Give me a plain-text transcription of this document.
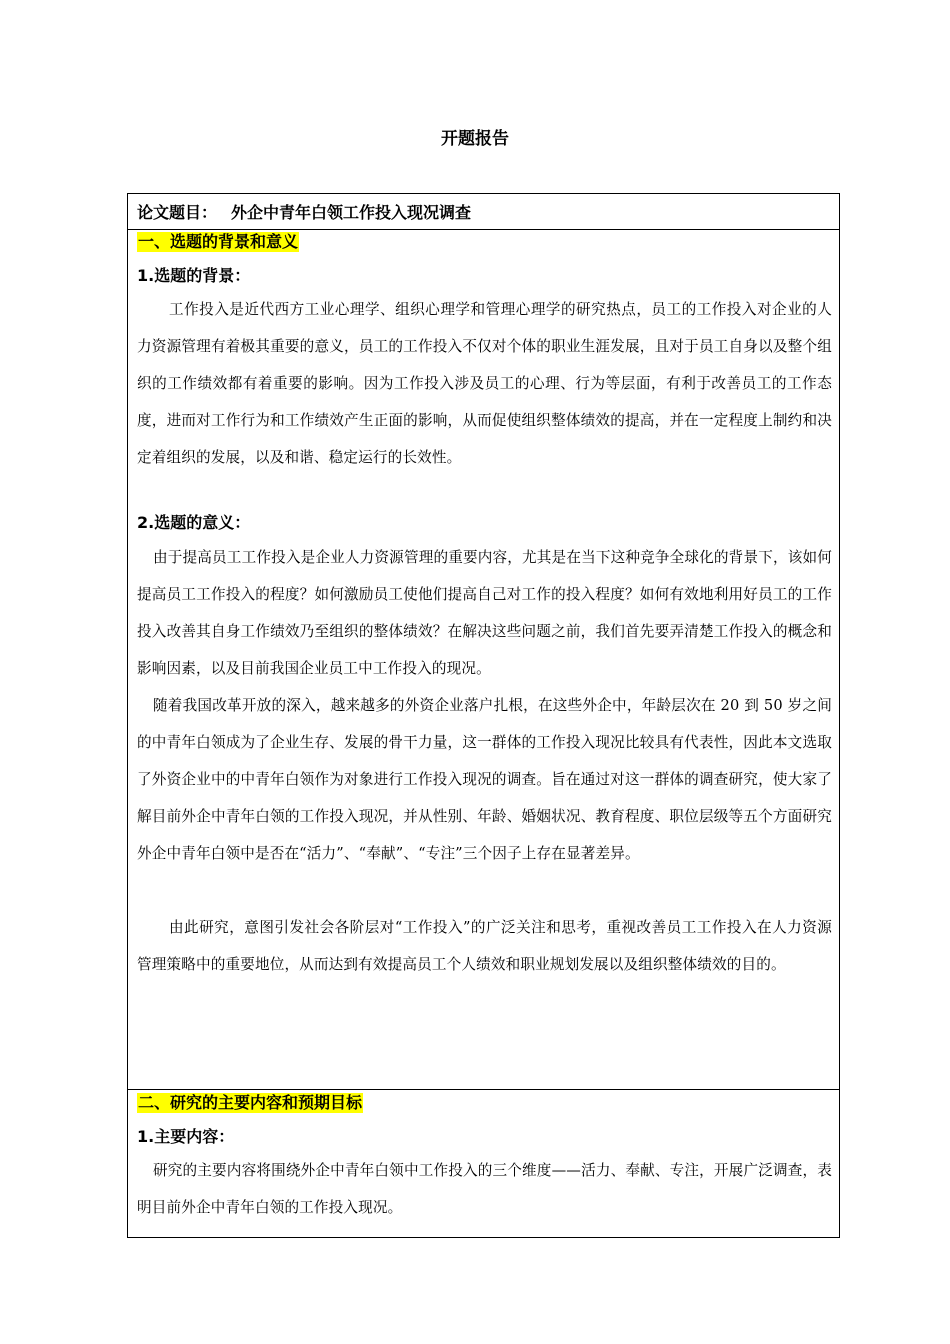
开题报告
论文题目： 外企中青年白领工作投入现况调查
一、选题的背景和意义
1.选题的背景：

工作投入是近代西方工业心理学、组织心理学和管理心理学的研究热点，员工的工作投入对企业的人力资源管理有着极其重要的意义，员工的工作投入不仅对个体的职业生涯发展，且对于员工自身以及整个组织的工作绩效都有着重要的影响。因为工作投入涉及员工的心理、行为等层面，有利于改善员工的工作态度，进而对工作行为和工作绩效产生正面的影响，从而促使组织整体绩效的提高，并在一定程度上制约和决定着组织的发展，以及和谐、稳定运行的长效性。

2.选题的意义：

由于提高员工工作投入是企业人力资源管理的重要内容，尤其是在当下这种竞争全球化的背景下，该如何提高员工工作投入的程度？如何激励员工使他们提高自己对工作的投入程度？如何有效地利用好员工的工作投入改善其自身工作绩效乃至组织的整体绩效？在解决这些问题之前，我们首先要弄清楚工作投入的概念和影响因素，以及目前我国企业员工中工作投入的现况。

随着我国改革开放的深入，越来越多的外资企业落户扎根，在这些外企中，年龄层次在 20 到 50 岁之间的中青年白领成为了企业生存、发展的骨干力量，这一群体的工作投入现况比较具有代表性，因此本文选取了外资企业中的中青年白领作为对象进行工作投入现况的调查。旨在通过对这一群体的调查研究，使大家了解目前外企中青年白领的工作投入现况，并从性别、年龄、婚姻状况、教育程度、职位层级等五个方面研究外企中青年白领中是否在“活力”、“奉献”、“专注”三个因子上存在显著差异。

由此研究，意图引发社会各阶层对“工作投入”的广泛关注和思考，重视改善员工工作投入在人力资源管理策略中的重要地位，从而达到有效提高员工个人绩效和职业规划发展以及组织整体绩效的目的。

二、研究的主要内容和预期目标
1.主要内容：

研究的主要内容将围绕外企中青年白领中工作投入的三个维度——活力、奉献、专注，开展广泛调查，表明目前外企中青年白领的工作投入现况。
